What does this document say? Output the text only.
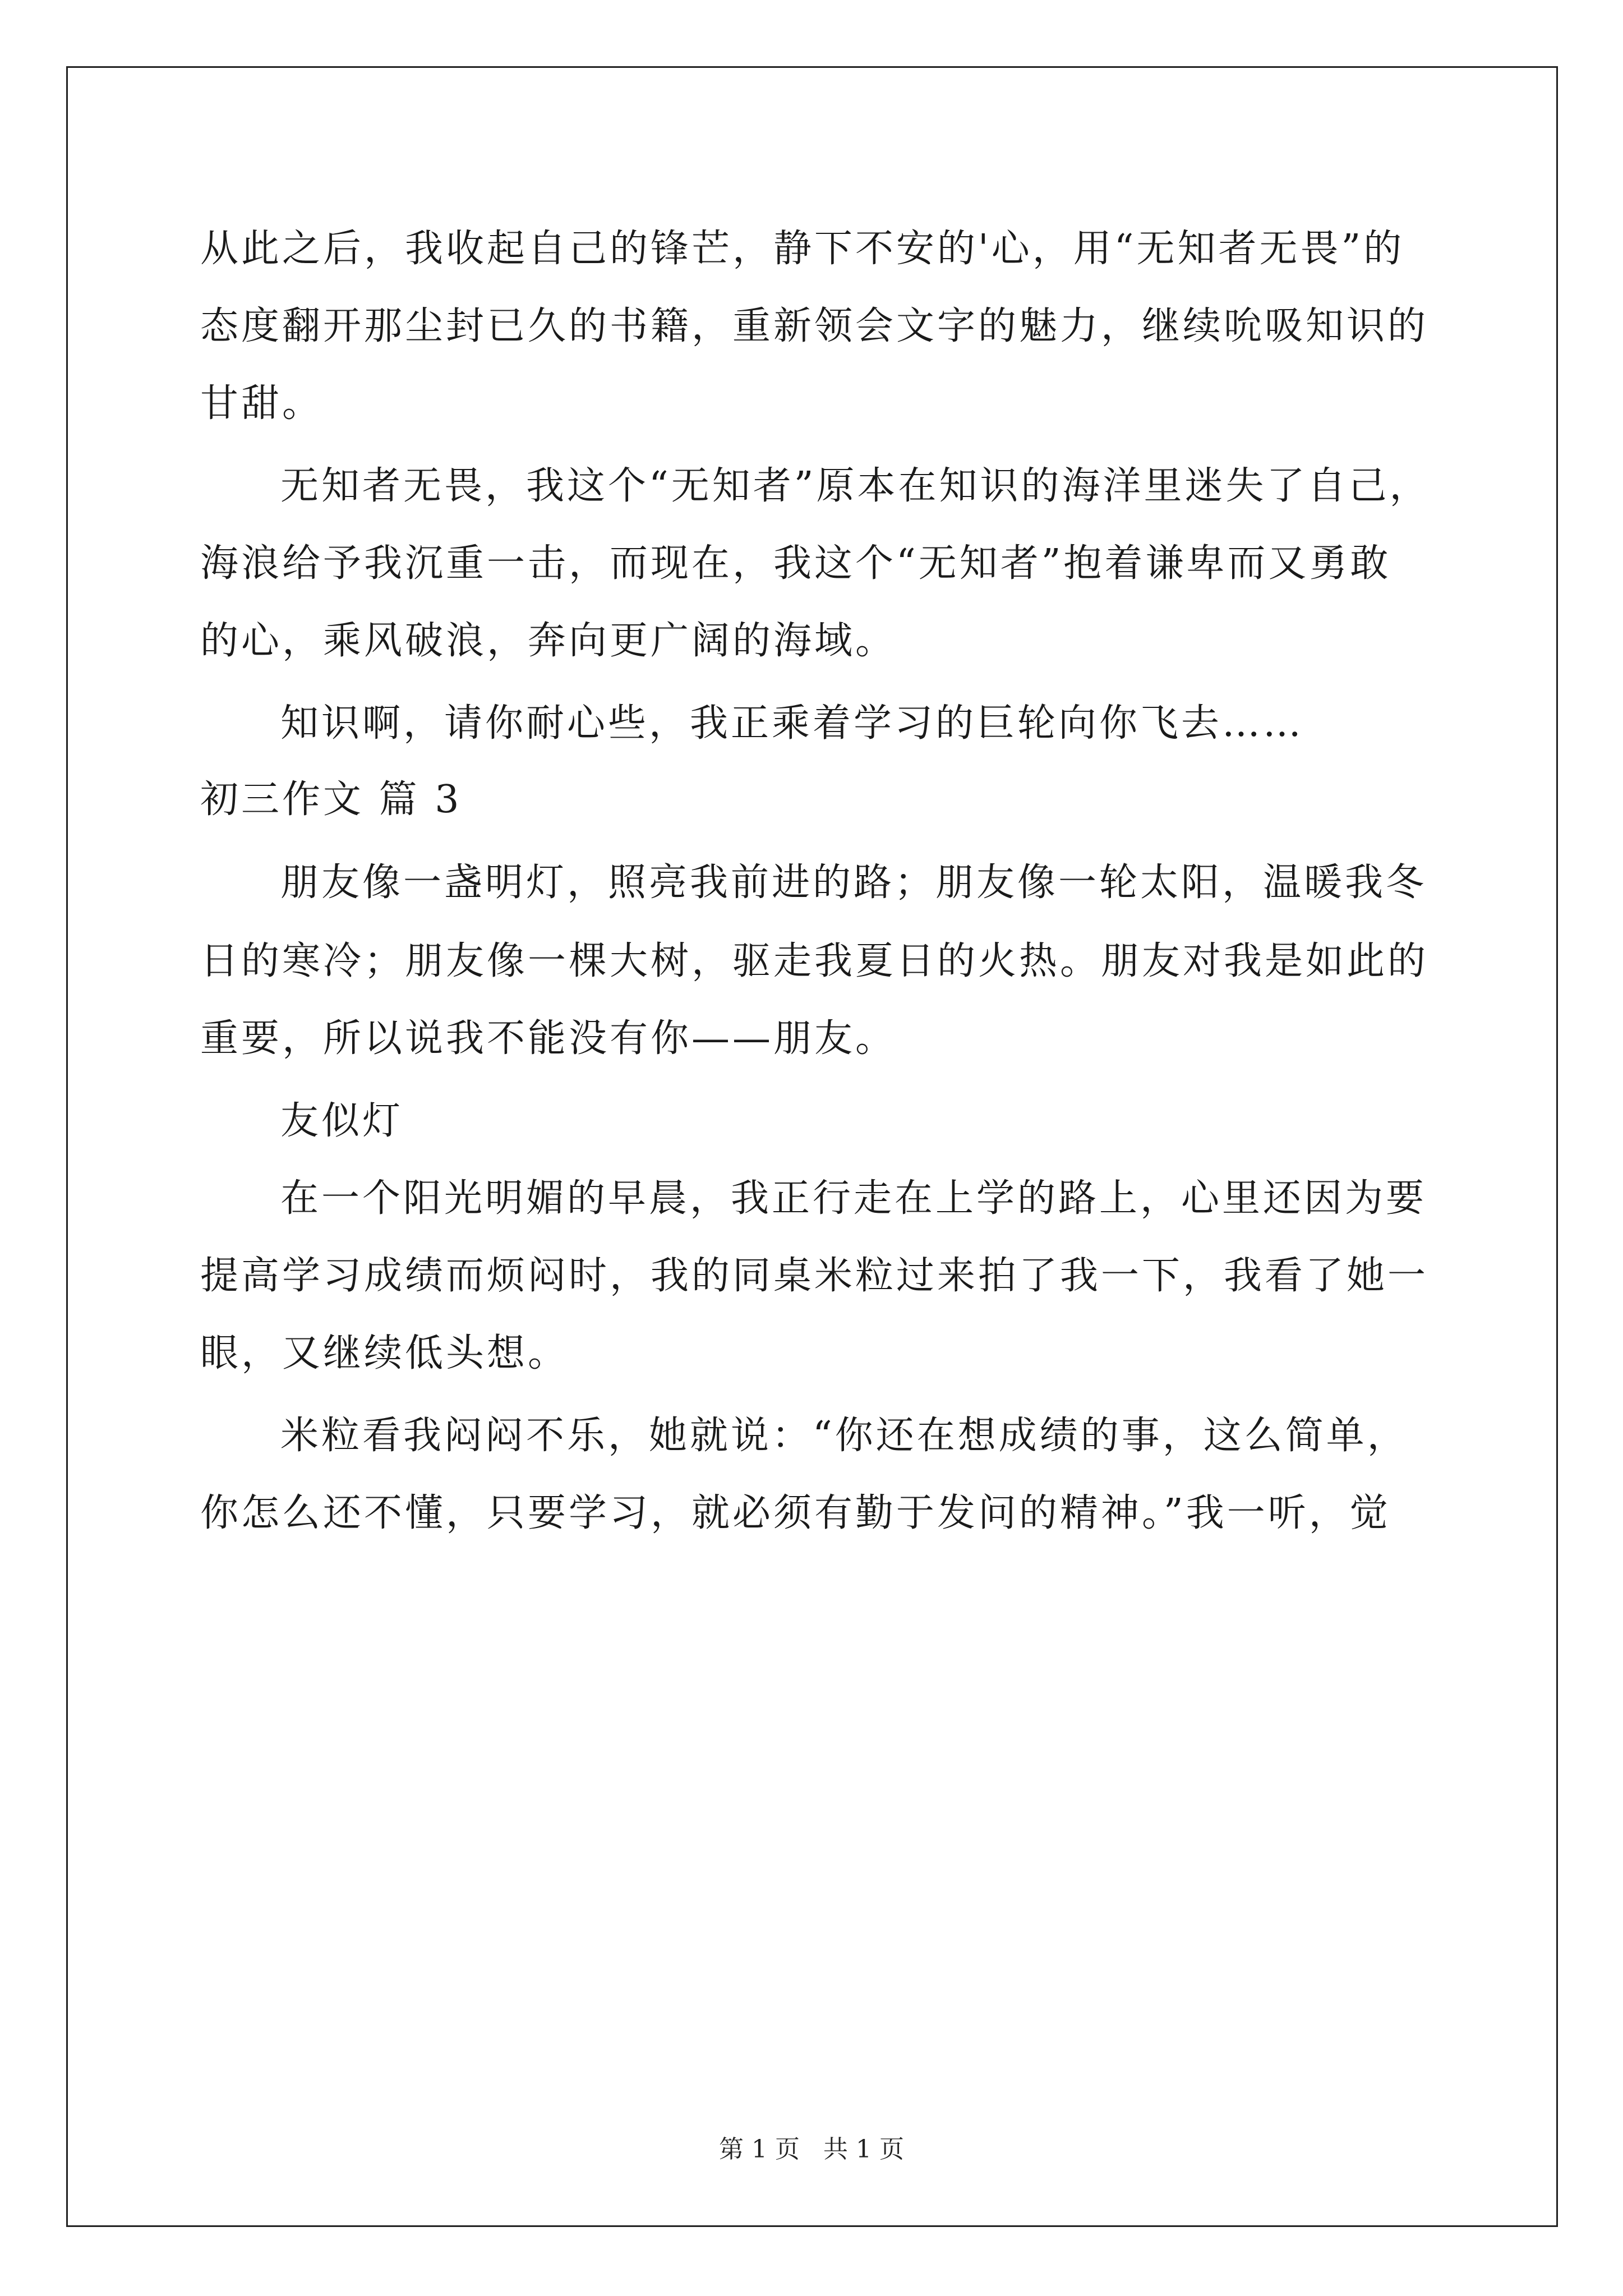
从此之后，我收起自己的锋芒，静下不安的'心，用“无知者无畏”的
态度翻开那尘封已久的书籍，重新领会文字的魅力，继续吮吸知识的
甘甜。
无知者无畏，我这个“无知者”原本在知识的海洋里迷失了自己，
海浪给予我沉重一击，而现在，我这个“无知者”抱着谦卑而又勇敢
的心，乘风破浪，奔向更广阔的海域。
知识啊，请你耐心些，我正乘着学习的巨轮向你飞去……
初三作文 篇 3
朋友像一盏明灯，照亮我前进的路；朋友像一轮太阳，温暖我冬
日的寒冷；朋友像一棵大树，驱走我夏日的火热。朋友对我是如此的
重要，所以说我不能没有你——朋友。
友似灯
在一个阳光明媚的早晨，我正行走在上学的路上，心里还因为要
提高学习成绩而烦闷时，我的同桌米粒过来拍了我一下，我看了她一
眼，又继续低头想。
米粒看我闷闷不乐，她就说：“你还在想成绩的事，这么简单，
你怎么还不懂，只要学习，就必须有勤于发问的精神。”我一听，觉
第 1 页   共 1 页
